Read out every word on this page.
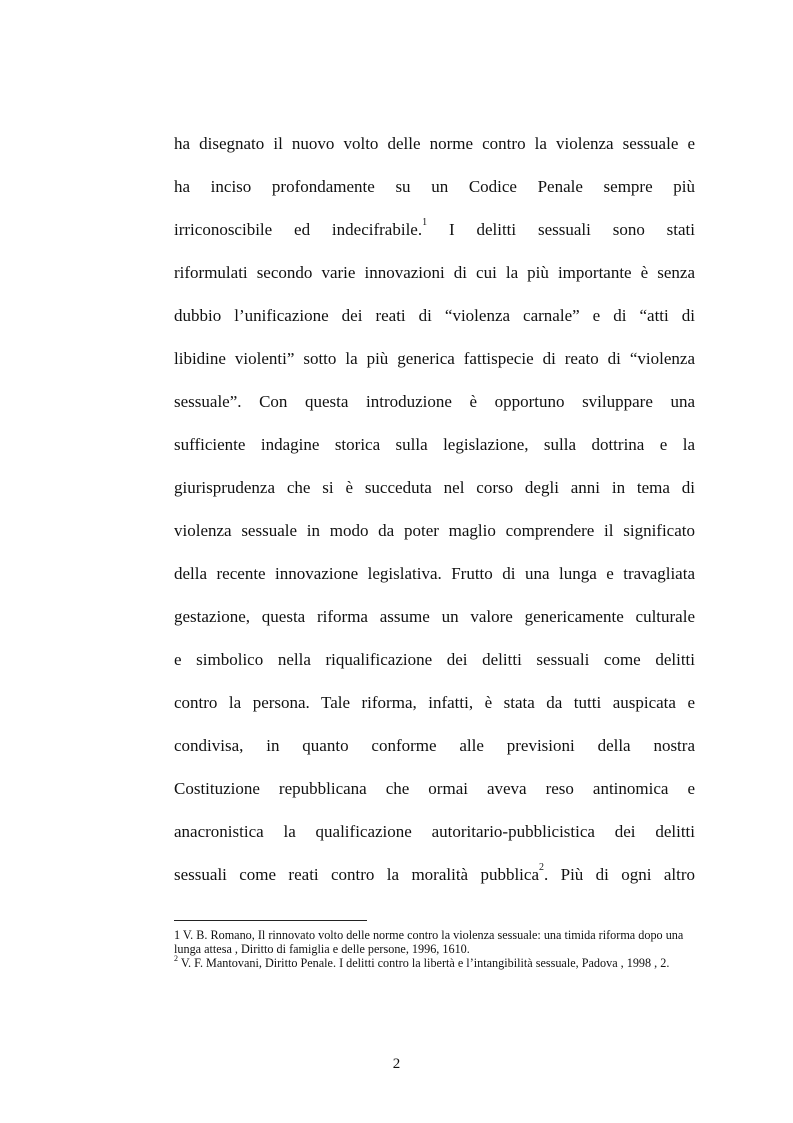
ha disegnato il nuovo volto delle norme contro la violenza sessuale e
ha inciso profondamente su un Codice Penale sempre più
irriconoscibile ed indecifrabile.$^1$ I delitti sessuali sono stati
riformulati secondo varie innovazioni di cui la più importante è senza
dubbio l’unificazione dei reati di “violenza carnale” e di “atti di
libidine violenti” sotto la più generica fattispecie di reato di “violenza
sessuale”. Con questa introduzione è opportuno sviluppare una
sufficiente indagine storica sulla legislazione, sulla dottrina e la
giurisprudenza che si è succeduta nel corso degli anni in tema di
violenza sessuale in modo da poter maglio comprendere il significato
della recente innovazione legislativa. Frutto di una lunga e travagliata
gestazione, questa riforma assume un valore genericamente culturale
e simbolico nella riqualificazione dei delitti sessuali come delitti
contro la persona. Tale riforma, infatti, è stata da tutti auspicata e
condivisa, in quanto conforme alle previsioni della nostra
Costituzione repubblicana che ormai aveva reso antinomica e
anacronistica la qualificazione autoritario-pubblicistica dei delitti
sessuali come reati contro la moralità pubblica$^2$. Più di ogni altro

1 V. B. Romano, Il rinnovato volto delle norme contro la violenza sessuale: una timida riforma dopo una lunga attesa , Diritto di famiglia e delle persone, 1996, 1610.

$^2$ V. F. Mantovani, Diritto Penale. I delitti contro la libertà e l’intangibilità sessuale, Padova , 1998 , 2.

2
